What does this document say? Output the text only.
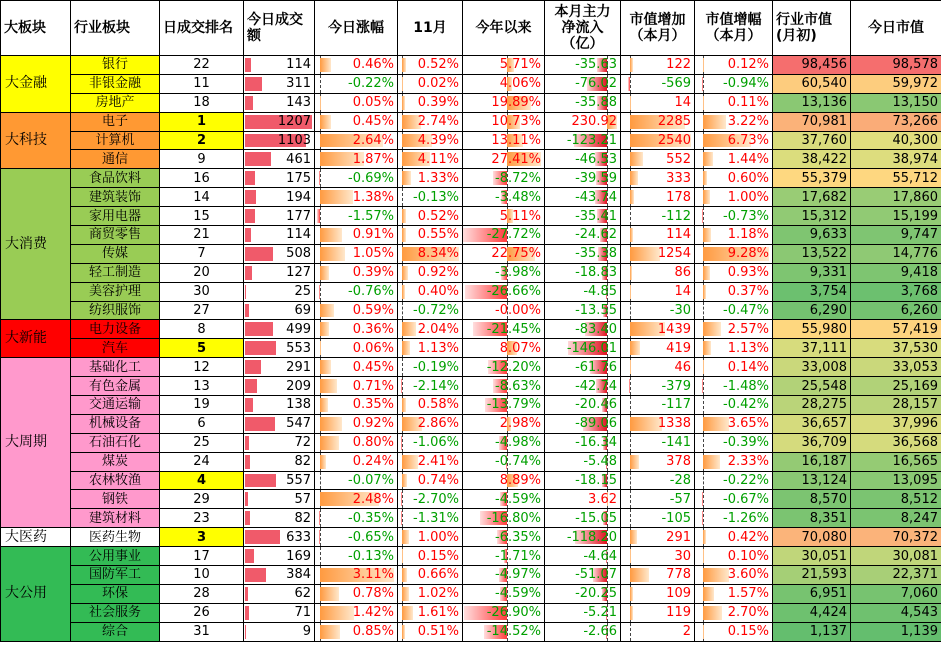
大板块	行业板块	日成交排名	今日成交额	今日涨幅	11月	今年以来	本月主力净流入（亿）	市值增加（本月）	市值增幅（本月）	行业市值(月初)	今日市值
大金融	银行	22	114	0.46%	0.52%	5.71%	-35.63	122	0.12%	98,456	98,578
	非银金融	11	311	-0.22%	0.02%	4.06%	-76.02	-569	-0.94%	60,540	59,972
	房地产	18	143	0.05%	0.39%	19.89%	-35.88	14	0.11%	13,136	13,150
大科技	电子	1	1207	0.45%	2.74%	10.73%	230.92	2285	3.22%	70,981	73,266
	计算机	2	1103	2.64%	4.39%	13.11%	-123.21	2540	6.73%	37,760	40,300
	通信	9	461	1.87%	4.11%	27.41%	-46.53	552	1.44%	38,422	38,974
大消费	食品饮料	16	175	-0.69%	1.33%	-8.72%	-39.59	333	0.60%	55,379	55,712
	建筑装饰	14	194	1.38%	-0.13%	-3.48%	-43.74	178	1.00%	17,682	17,860
	家用电器	15	177	-1.57%	0.52%	5.11%	-35.41	-112	-0.73%	15,312	15,199
	商贸零售	21	114	0.91%	0.55%	-27.72%	-24.62	114	1.18%	9,633	9,747
	传媒	7	508	1.05%	8.34%	22.75%	-35.38	1254	9.28%	13,522	14,776
	轻工制造	20	127	0.39%	0.92%	-3.98%	-18.83	86	0.93%	9,331	9,418
	美容护理	30	25	-0.76%	0.40%	-26.66%	-4.85	14	0.37%	3,754	3,768
	纺织服饰	27	69	0.59%	-0.72%	-0.00%	-13.55	-30	-0.47%	6,290	6,260
大新能	电力设备	8	499	0.36%	2.04%	-21.45%	-83.40	1439	2.57%	55,980	57,419
	汽车	5	553	0.06%	1.13%	8.07%	-146.01	419	1.13%	37,111	37,530
大周期	基础化工	12	291	0.45%	-0.19%	-12.20%	-61.76	46	0.14%	33,008	33,053
	有色金属	13	209	0.71%	-2.14%	-8.63%	-42.74	-379	-1.48%	25,548	25,169
	交通运输	19	138	0.35%	0.58%	-13.79%	-20.46	-117	-0.42%	28,275	28,157
	机械设备	6	547	0.92%	2.86%	2.98%	-89.06	1338	3.65%	36,657	37,996
	石油石化	25	72	0.80%	-1.06%	-4.98%	-16.34	-141	-0.39%	36,709	36,568
	煤炭	24	82	0.24%	2.41%	-0.74%	-5.48	378	2.33%	16,187	16,565
	农林牧渔	4	557	-0.07%	0.74%	8.89%	-18.15	-28	-0.22%	13,124	13,095
	钢铁	29	57	2.48%	-2.70%	-4.59%	3.62	-57	-0.67%	8,570	8,512
	建筑材料	23	82	-0.35%	-1.31%	-16.80%	-15.05	-105	-1.26%	8,351	8,247
大医药	医药生物	3	633	-0.65%	1.00%	-6.35%	-118.20	291	0.42%	70,080	70,372
大公用	公用事业	17	169	-0.13%	0.15%	-1.71%	-4.64	30	0.10%	30,051	30,081
	国防军工	10	384	3.11%	0.66%	-4.97%	-51.07	778	3.60%	21,593	22,371
	环保	28	62	0.78%	1.02%	-4.59%	-20.25	109	1.57%	6,951	7,060
	社会服务	26	71	1.42%	1.61%	-26.90%	-5.21	119	2.70%	4,424	4,543
	综合	31	9	0.85%	0.51%	-14.52%	-2.66	2	0.15%	1,137	1,139
